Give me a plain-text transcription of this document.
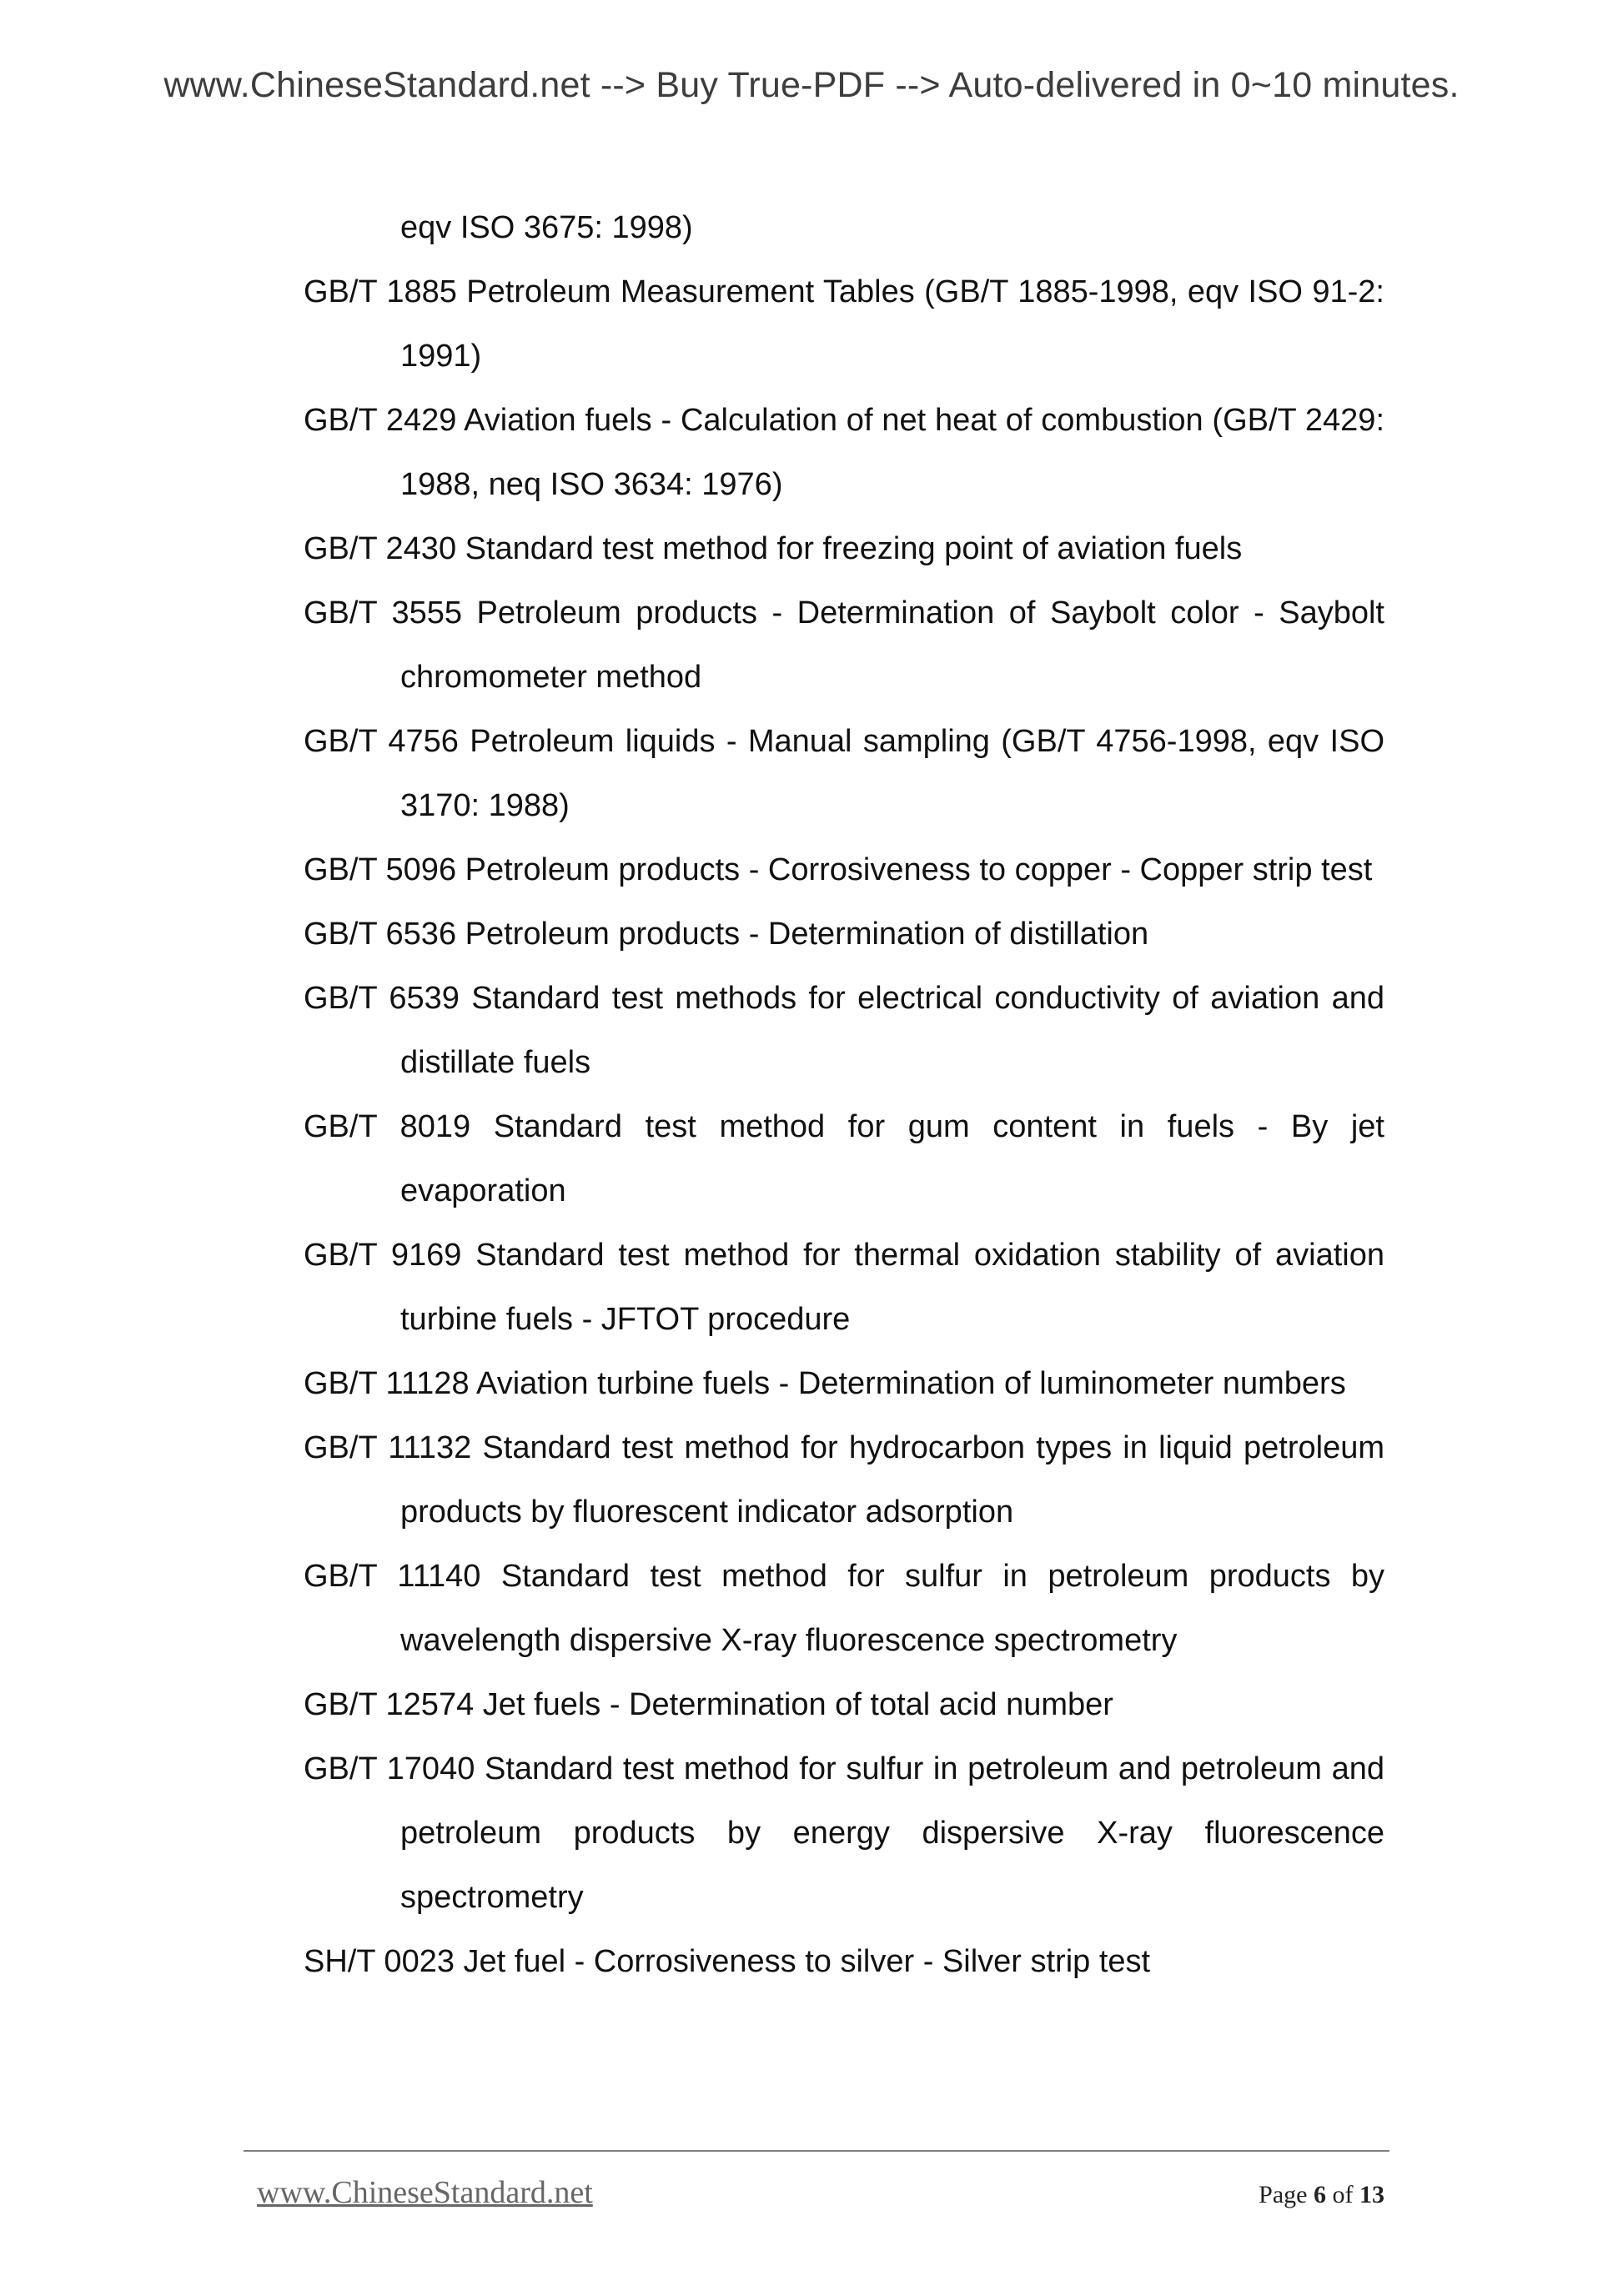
www.ChineseStandard.net --> Buy True-PDF --> Auto-delivered in 0~10 minutes.

eqv ISO 3675: 1998)

GB/T 1885 Petroleum Measurement Tables (GB/T 1885-1998, eqv ISO 91-2: 1991)

GB/T 2429 Aviation fuels - Calculation of net heat of combustion (GB/T 2429: 1988, neq ISO 3634: 1976)

GB/T 2430 Standard test method for freezing point of aviation fuels

GB/T 3555 Petroleum products - Determination of Saybolt color - Saybolt chromometer method

GB/T 4756 Petroleum liquids - Manual sampling (GB/T 4756-1998, eqv ISO 3170: 1988)

GB/T 5096 Petroleum products - Corrosiveness to copper - Copper strip test

GB/T 6536 Petroleum products - Determination of distillation

GB/T 6539 Standard test methods for electrical conductivity of aviation and distillate fuels

GB/T 8019 Standard test method for gum content in fuels - By jet evaporation

GB/T 9169 Standard test method for thermal oxidation stability of aviation turbine fuels - JFTOT procedure

GB/T 11128 Aviation turbine fuels - Determination of luminometer numbers

GB/T 11132 Standard test method for hydrocarbon types in liquid petroleum products by fluorescent indicator adsorption

GB/T 11140 Standard test method for sulfur in petroleum products by wavelength dispersive X-ray fluorescence spectrometry

GB/T 12574 Jet fuels - Determination of total acid number

GB/T 17040 Standard test method for sulfur in petroleum and petroleum and petroleum products by energy dispersive X-ray fluorescence spectrometry

SH/T 0023 Jet fuel - Corrosiveness to silver - Silver strip test

www.ChineseStandard.net	Page 6 of 13
